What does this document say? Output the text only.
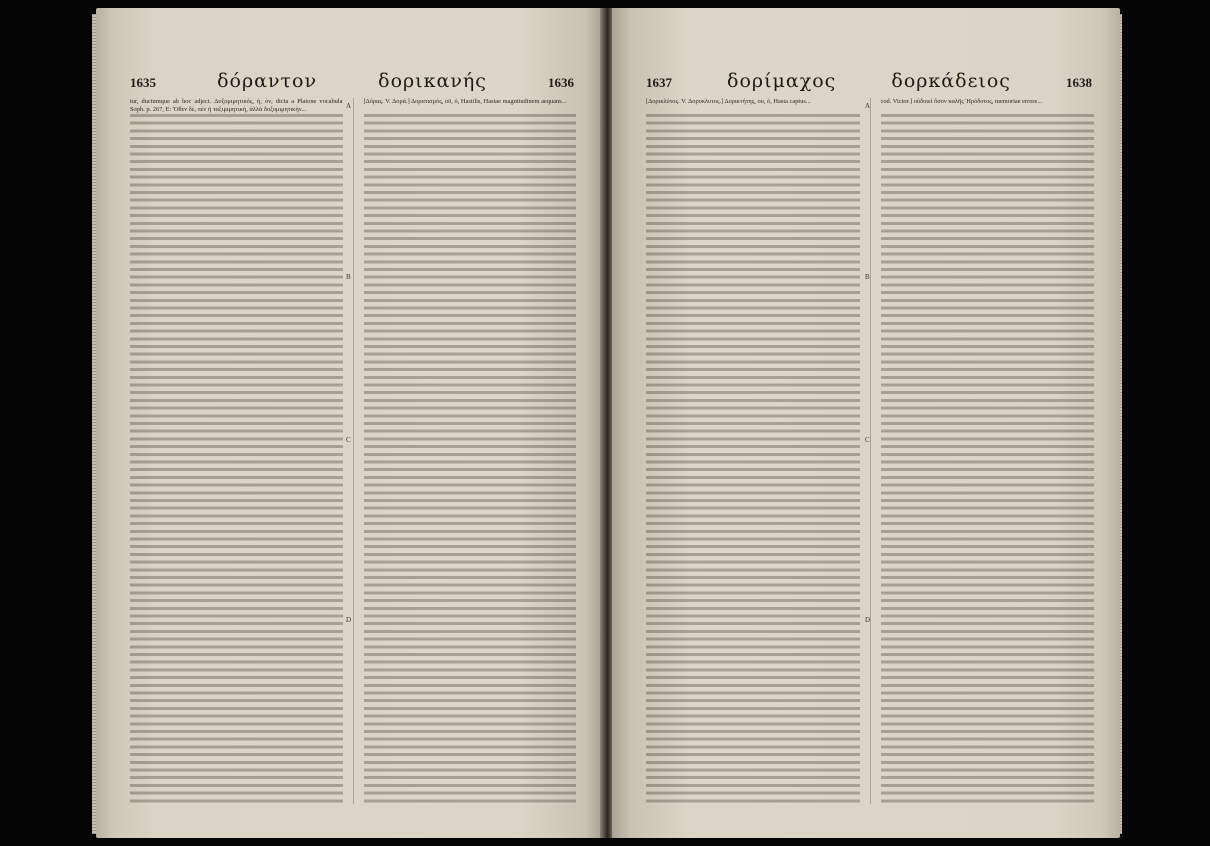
1635	δόραντον	δορικανής	1636

tur, ductumque ab hoc adject. Δοξομιμητικός, ή, όν, dicta a Platone vocabula Soph. p. 267, E: Ὅθεν δὲ, πὲν ἡ ταξιμιμητική, ἀλλὰ δοξομιμητικὴν...

[Δόρας. V. Δορά.] Δορατισμός, οῦ, ὁ, Hastilis, Hastae magnitudinem aequans...

A
B
C
D
1637	δορίμαχος	δορκάδειος	1638

[Δορικλύτος. V. Δορυκλυτος.] Δορικτήτης, ου, ὁ, Hasta captus...	cod. Victor.] οὐδοιεὶ ὅσον καλῆς Ἡρόδοτος, memoriae errore...

A
B
C
D
